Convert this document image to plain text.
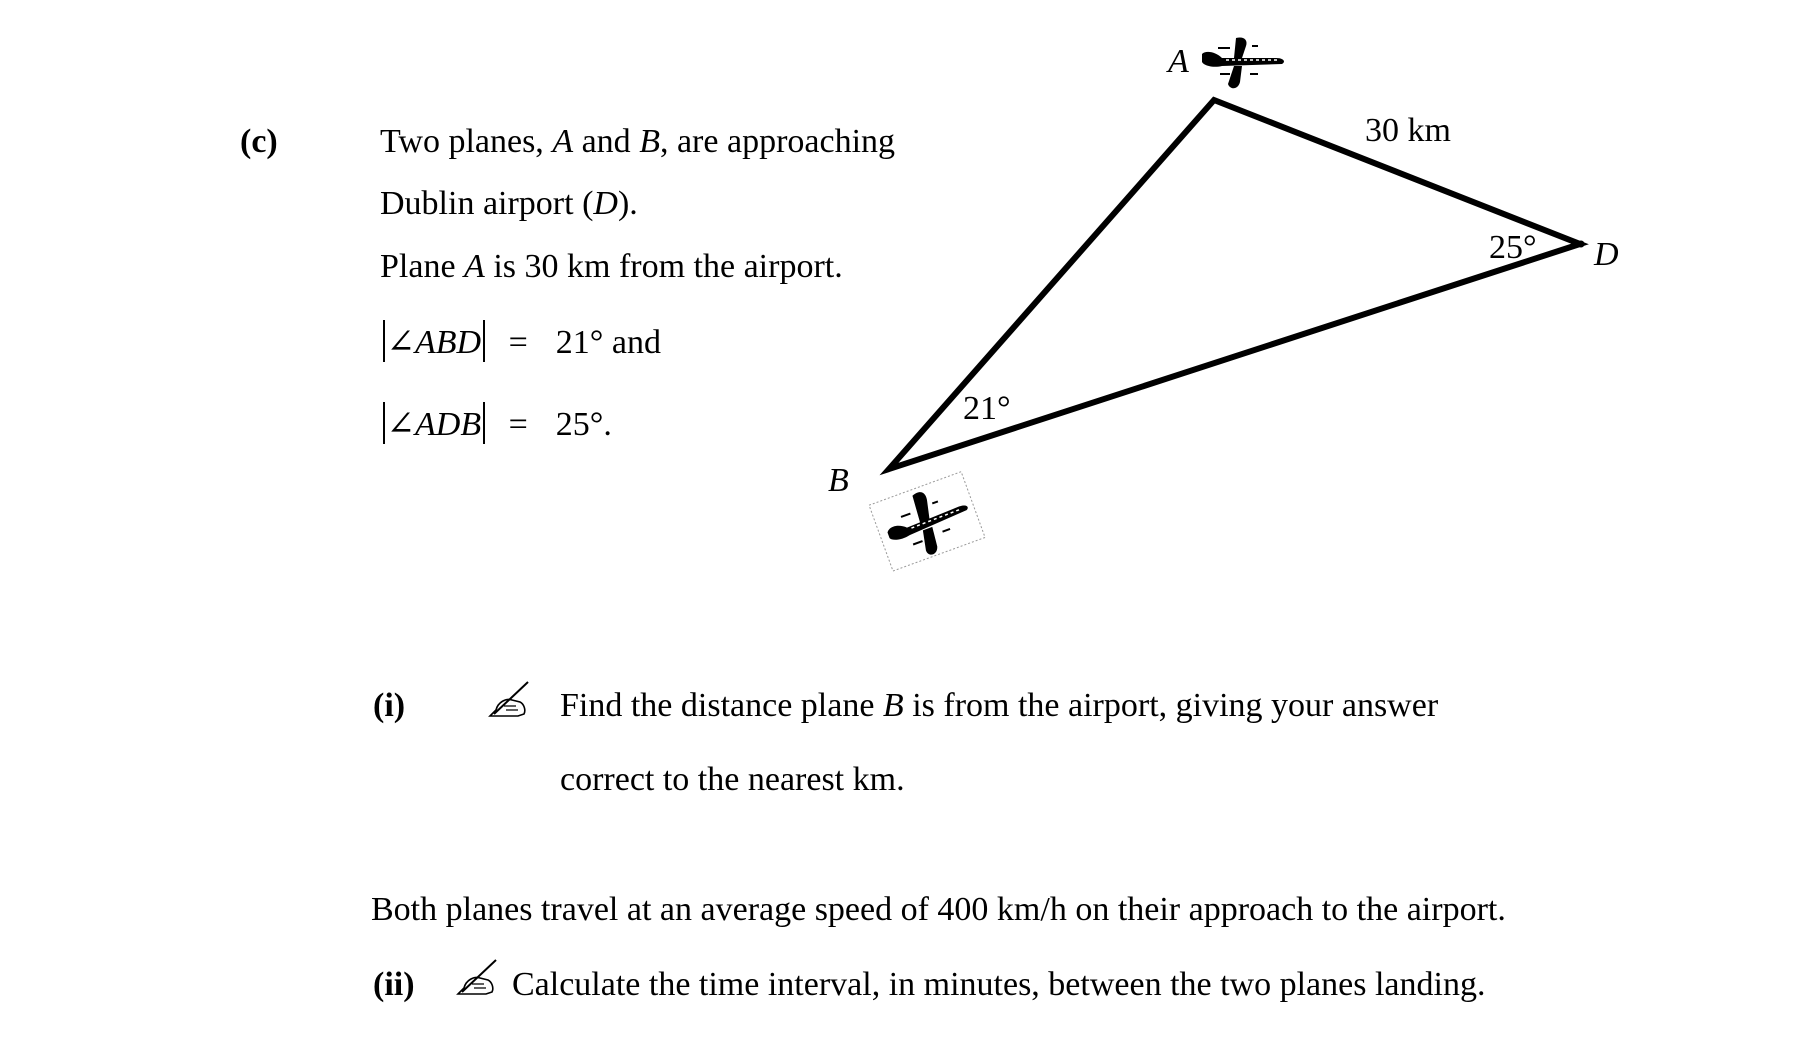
A
B
D
30 km
21°
25°
(c)	Two planes, A and B, are approaching
Dublin airport (D).
Plane A is 30 km from the airport.
∠ABD = 21° and
∠ADB = 25°.
(i)	Find the distance plane B is from the airport, giving your answer
correct to the nearest km.
Both planes travel at an average speed of 400 km/h on their approach to the airport.
(ii)	Calculate the time interval, in minutes, between the two planes landing.
